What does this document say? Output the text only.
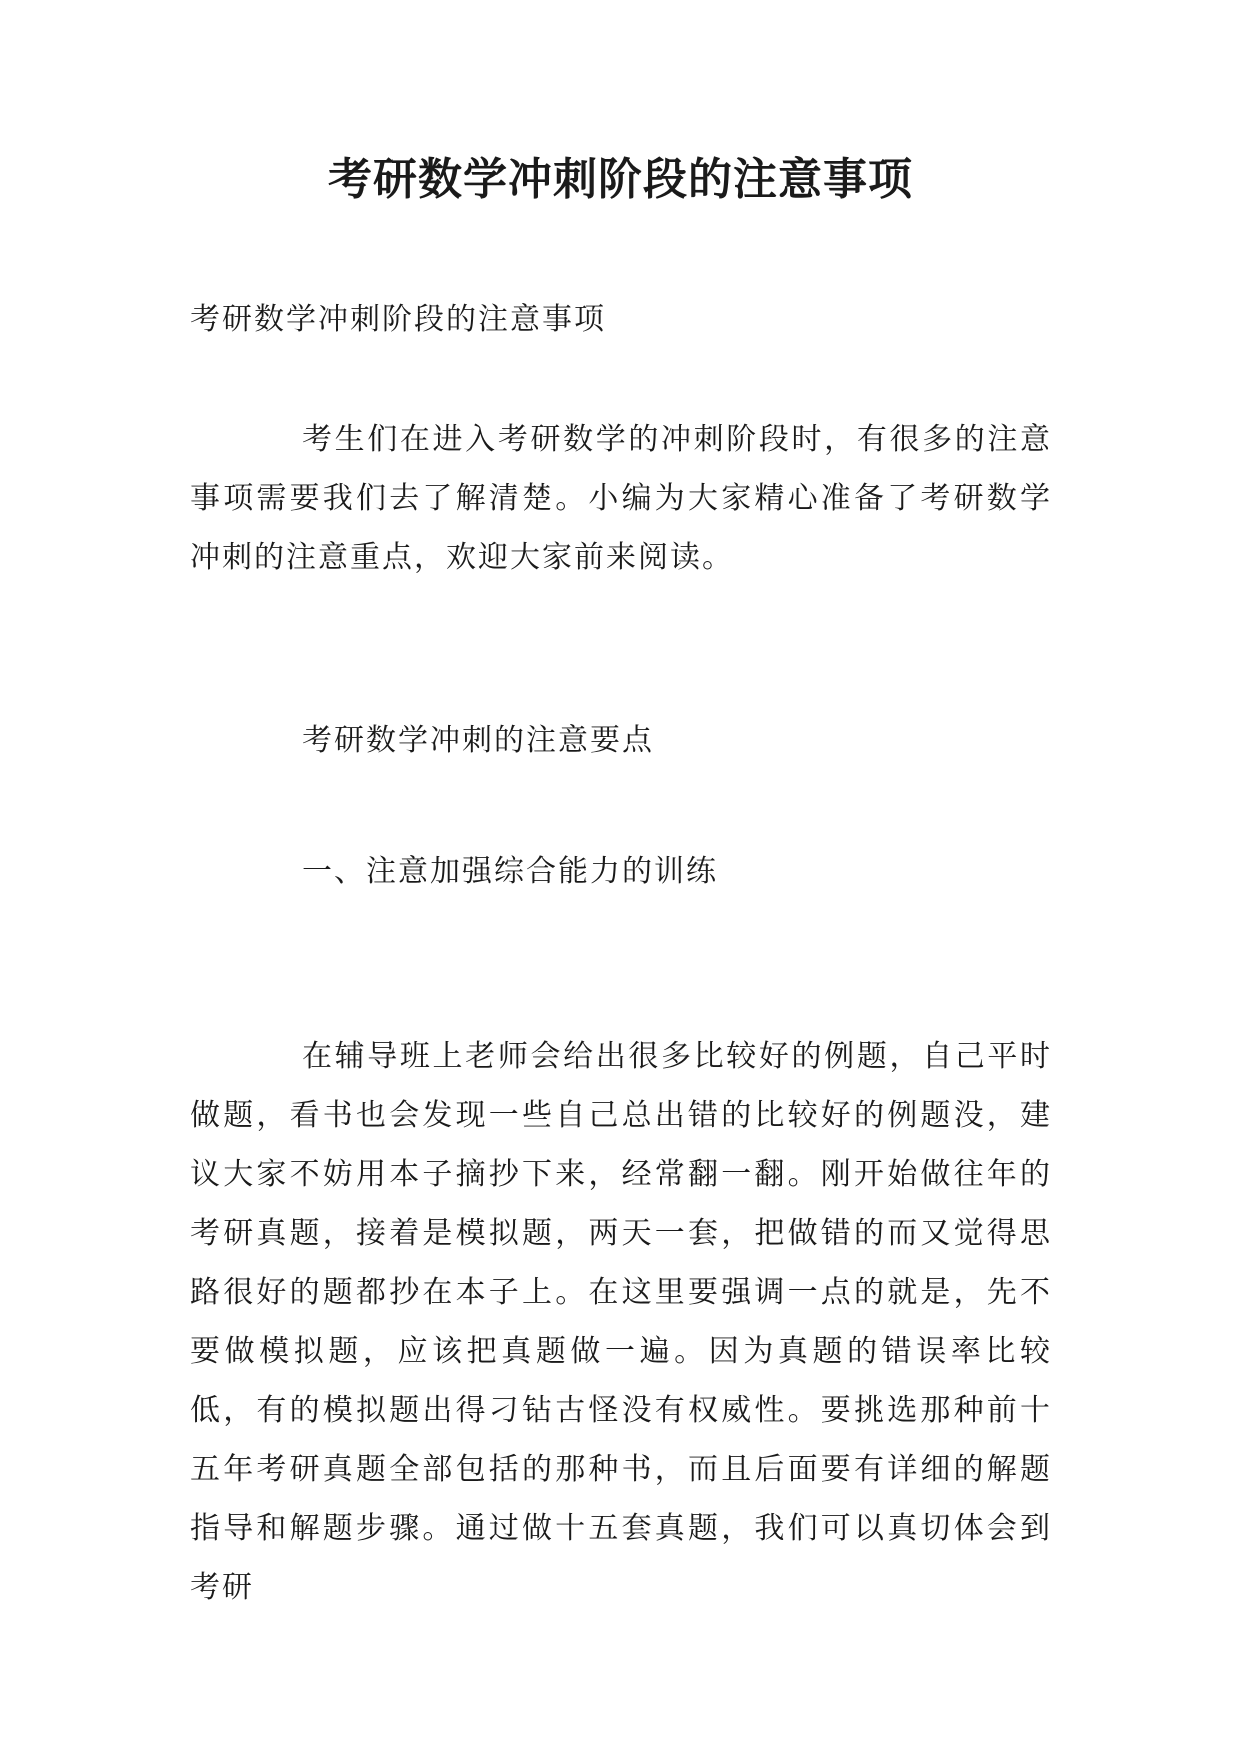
考研数学冲刺阶段的注意事项

考研数学冲刺阶段的注意事项

考生们在进入考研数学的冲刺阶段时，有很多的注意事项需要我们去了解清楚。小编为大家精心准备了考研数学冲刺的注意重点，欢迎大家前来阅读。

考研数学冲刺的注意要点

一、注意加强综合能力的训练

在辅导班上老师会给出很多比较好的例题，自己平时做题，看书也会发现一些自己总出错的比较好的例题没，建议大家不妨用本子摘抄下来，经常翻一翻。刚开始做往年的考研真题，接着是模拟题，两天一套，把做错的而又觉得思路很好的题都抄在本子上。在这里要强调一点的就是，先不要做模拟题，应该把真题做一遍。因为真题的错误率比较低，有的模拟题出得刁钻古怪没有权威性。要挑选那种前十五年考研真题全部包括的那种书，而且后面要有详细的解题指导和解题步骤。通过做十五套真题，我们可以真切体会到考研
